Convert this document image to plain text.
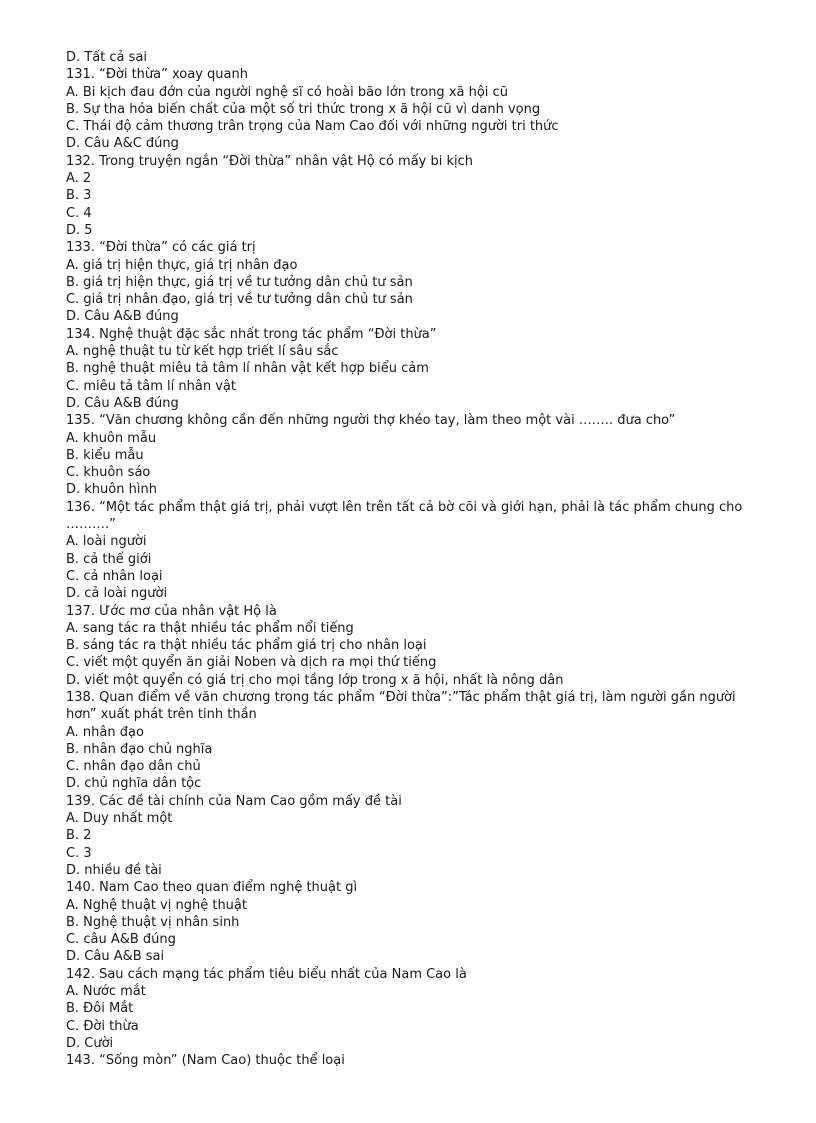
D. Tất cả sai
131. “Đời thừa” xoay quanh
A. Bi kịch đau đớn của người nghệ sĩ có hoài bão lớn trong xã hội cũ
B. Sự tha hóa biến chất của một số tri thức trong x ã hội cũ vì danh vọng
C. Thái độ cảm thương trân trọng của Nam Cao đối với những người tri thức
D. Câu A&C đúng
132. Trong truyện ngắn “Đời thừa” nhân vật Hộ có mấy bi kịch
A. 2
B. 3
C. 4
D. 5
133. “Đời thừa” có các giá trị
A. giá trị hiện thực, giá trị nhân đạo
B. giá trị hiện thực, giá trị về tư tưởng dân chủ tư sản
C. giá trị nhân đạo, giá trị về tư tưởng dân chủ tư sản
D. Câu A&B đúng
134. Nghệ thuật đặc sắc nhất trong tác phẩm “Đời thừa”
A. nghệ thuật tu từ kết hợp triết lí sâu sắc
B. nghệ thuật miêu tả tâm lí nhân vật kết hợp biểu cảm
C. miêu tả tâm lí nhân vật
D. Câu A&B đúng
135. “Văn chương không cần đến những người thợ khéo tay, làm theo một vài …….. đưa cho”
A. khuôn mẫu
B. kiểu mẫu
C. khuôn sáo
D. khuôn hình
136. “Một tác phẩm thật giá trị, phải vượt lên trên tất cả bờ cõi và giới hạn, phải là tác phẩm chung cho
……….”
A. loài người
B. cả thế giới
C. cả nhân loại
D. cả loài người
137. Ước mơ của nhân vật Hộ là
A. sang tác ra thật nhiều tác phẩm nổi tiếng
B. sáng tác ra thật nhiều tác phẩm giá trị cho nhân loại
C. viết một quyển ăn giải Noben và dịch ra mọi thứ tiếng
D. viết một quyển có giá trị cho mọi tầng lớp trong x ã hội, nhất là nông dân
138. Quan điểm về văn chương trong tác phẩm “Đời thừa”:”Tác phẩm thật giá trị, làm người gần người
hơn” xuất phát trên tinh thần
A. nhân đạo
B. nhân đạo chủ nghĩa
C. nhân đạo dân chủ
D. chủ nghĩa dân tộc
139. Các đề tài chính của Nam Cao gồm mấy đề tài
A. Duy nhất một
B. 2
C. 3
D. nhiều đề tài
140. Nam Cao theo quan điểm nghệ thuật gì
A. Nghệ thuật vị nghệ thuật
B. Nghệ thuật vị nhân sinh
C. câu A&B đúng
D. Câu A&B sai
142. Sau cách mạng tác phẩm tiêu biểu nhất của Nam Cao là
A. Nước mắt
B. Đôi Mắt
C. Đời thừa
D. Cười
143. “Sống mòn” (Nam Cao) thuộc thể loại
